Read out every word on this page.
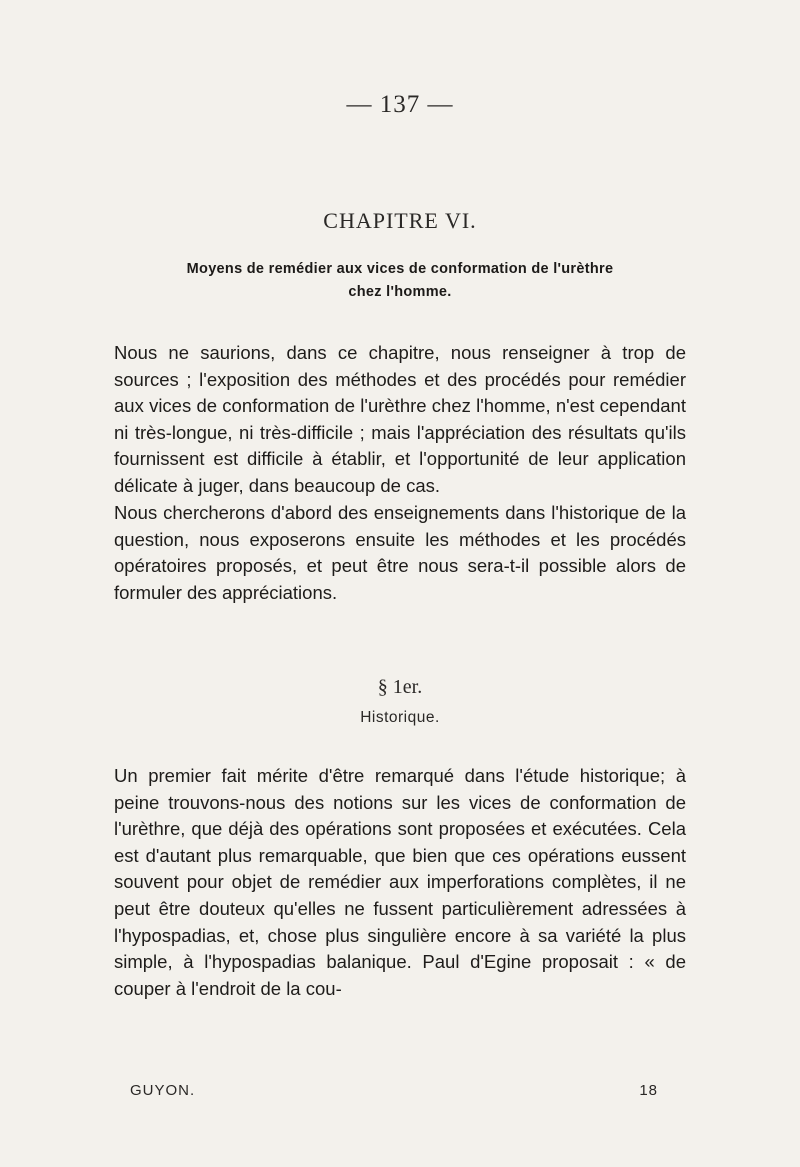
— 137 —
CHAPITRE VI.
Moyens de remédier aux vices de conformation de l'urèthre
chez l'homme.

Nous ne saurions, dans ce chapitre, nous renseigner à trop de sources ; l'exposition des méthodes et des procédés pour remédier aux vices de conformation de l'urèthre chez l'homme, n'est cependant ni très-longue, ni très-difficile ; mais l'appréciation des résultats qu'ils fournissent est difficile à établir, et l'opportunité de leur application délicate à juger, dans beaucoup de cas.

Nous chercherons d'abord des enseignements dans l'historique de la question, nous exposerons ensuite les méthodes et les procédés opératoires proposés, et peut être nous sera-t-il possible alors de formuler des appréciations.

§ 1er.
Historique.

Un premier fait mérite d'être remarqué dans l'étude historique; à peine trouvons-nous des notions sur les vices de conformation de l'urèthre, que déjà des opérations sont proposées et exécutées. Cela est d'autant plus remarquable, que bien que ces opérations eussent souvent pour objet de remédier aux imperforations complètes, il ne peut être douteux qu'elles ne fussent particulièrement adressées à l'hypospadias, et, chose plus singulière encore à sa variété la plus simple, à l'hypospadias balanique. Paul d'Egine proposait : « de couper à l'endroit de la cou-

GUYON.	18
